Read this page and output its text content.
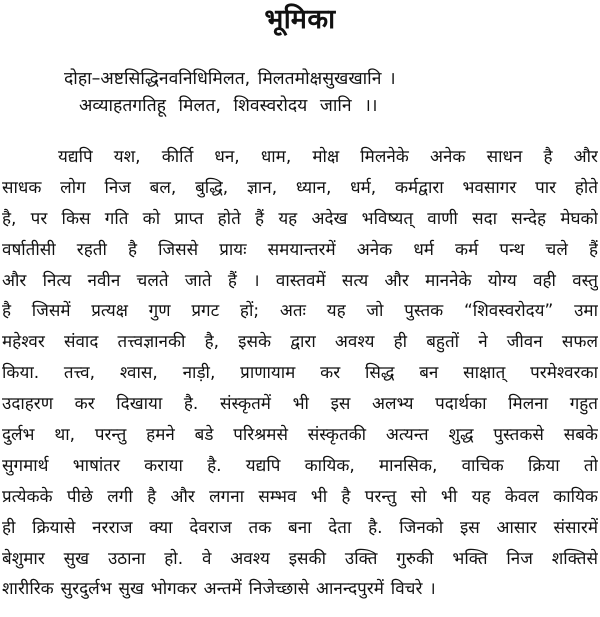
भूमिका
दोहा–अष्टसिद्धिनवनिधिमिलत, मिलतमोक्षसुखखानि ।
अव्याहतगतिहू मिलत, शिवस्वरोदय जानि ।।
यद्यपि यश, कीर्ति धन, धाम, मोक्ष मिलनेके अनेक साधन है और
साधक लोग निज बल, बुद्धि, ज्ञान, ध्यान, धर्म, कर्मद्वारा भवसागर पार होते
है, पर किस गति को प्राप्त होते हैं यह अदेख भविष्यत् वाणी सदा सन्देह मेघको
वर्षातीसी रहती है जिससे प्रायः समयान्तरमें अनेक धर्म कर्म पन्थ चले हैं
और नित्य नवीन चलते जाते हैं । वास्तवमें सत्य और माननेके योग्य वही वस्तु
है जिसमें प्रत्यक्ष गुण प्रगट हों; अतः यह जो पुस्तक “शिवस्वरोदय” उमा
महेश्वर संवाद तत्त्वज्ञानकी है, इसके द्वारा अवश्य ही बहुतों ने जीवन सफल
किया. तत्त्व, श्वास, नाड़ी, प्राणायाम कर सिद्ध बन साक्षात् परमेश्वरका
उदाहरण कर दिखाया है. संस्कृतमें भी इस अलभ्य पदार्थका मिलना गहुत
दुर्लभ था, परन्तु हमने बडे परिश्रमसे संस्कृतकी अत्यन्त शुद्ध पुस्तकसे सबके
सुगमार्थ भाषांतर कराया है. यद्यपि कायिक, मानसिक, वाचिक क्रिया तो
प्रत्येकके पीछे लगी है और लगना सम्भव भी है परन्तु सो भी यह केवल कायिक
ही क्रियासे नरराज क्या देवराज तक बना देता है. जिनको इस आसार संसारमें
बेशुमार सुख उठाना हो. वे अवश्य इसकी उक्ति गुरुकी भक्ति निज शक्तिसे
शारीरिक सुरदुर्लभ सुख भोगकर अन्तमें निजेच्छासे आनन्दपुरमें विचरे ।
